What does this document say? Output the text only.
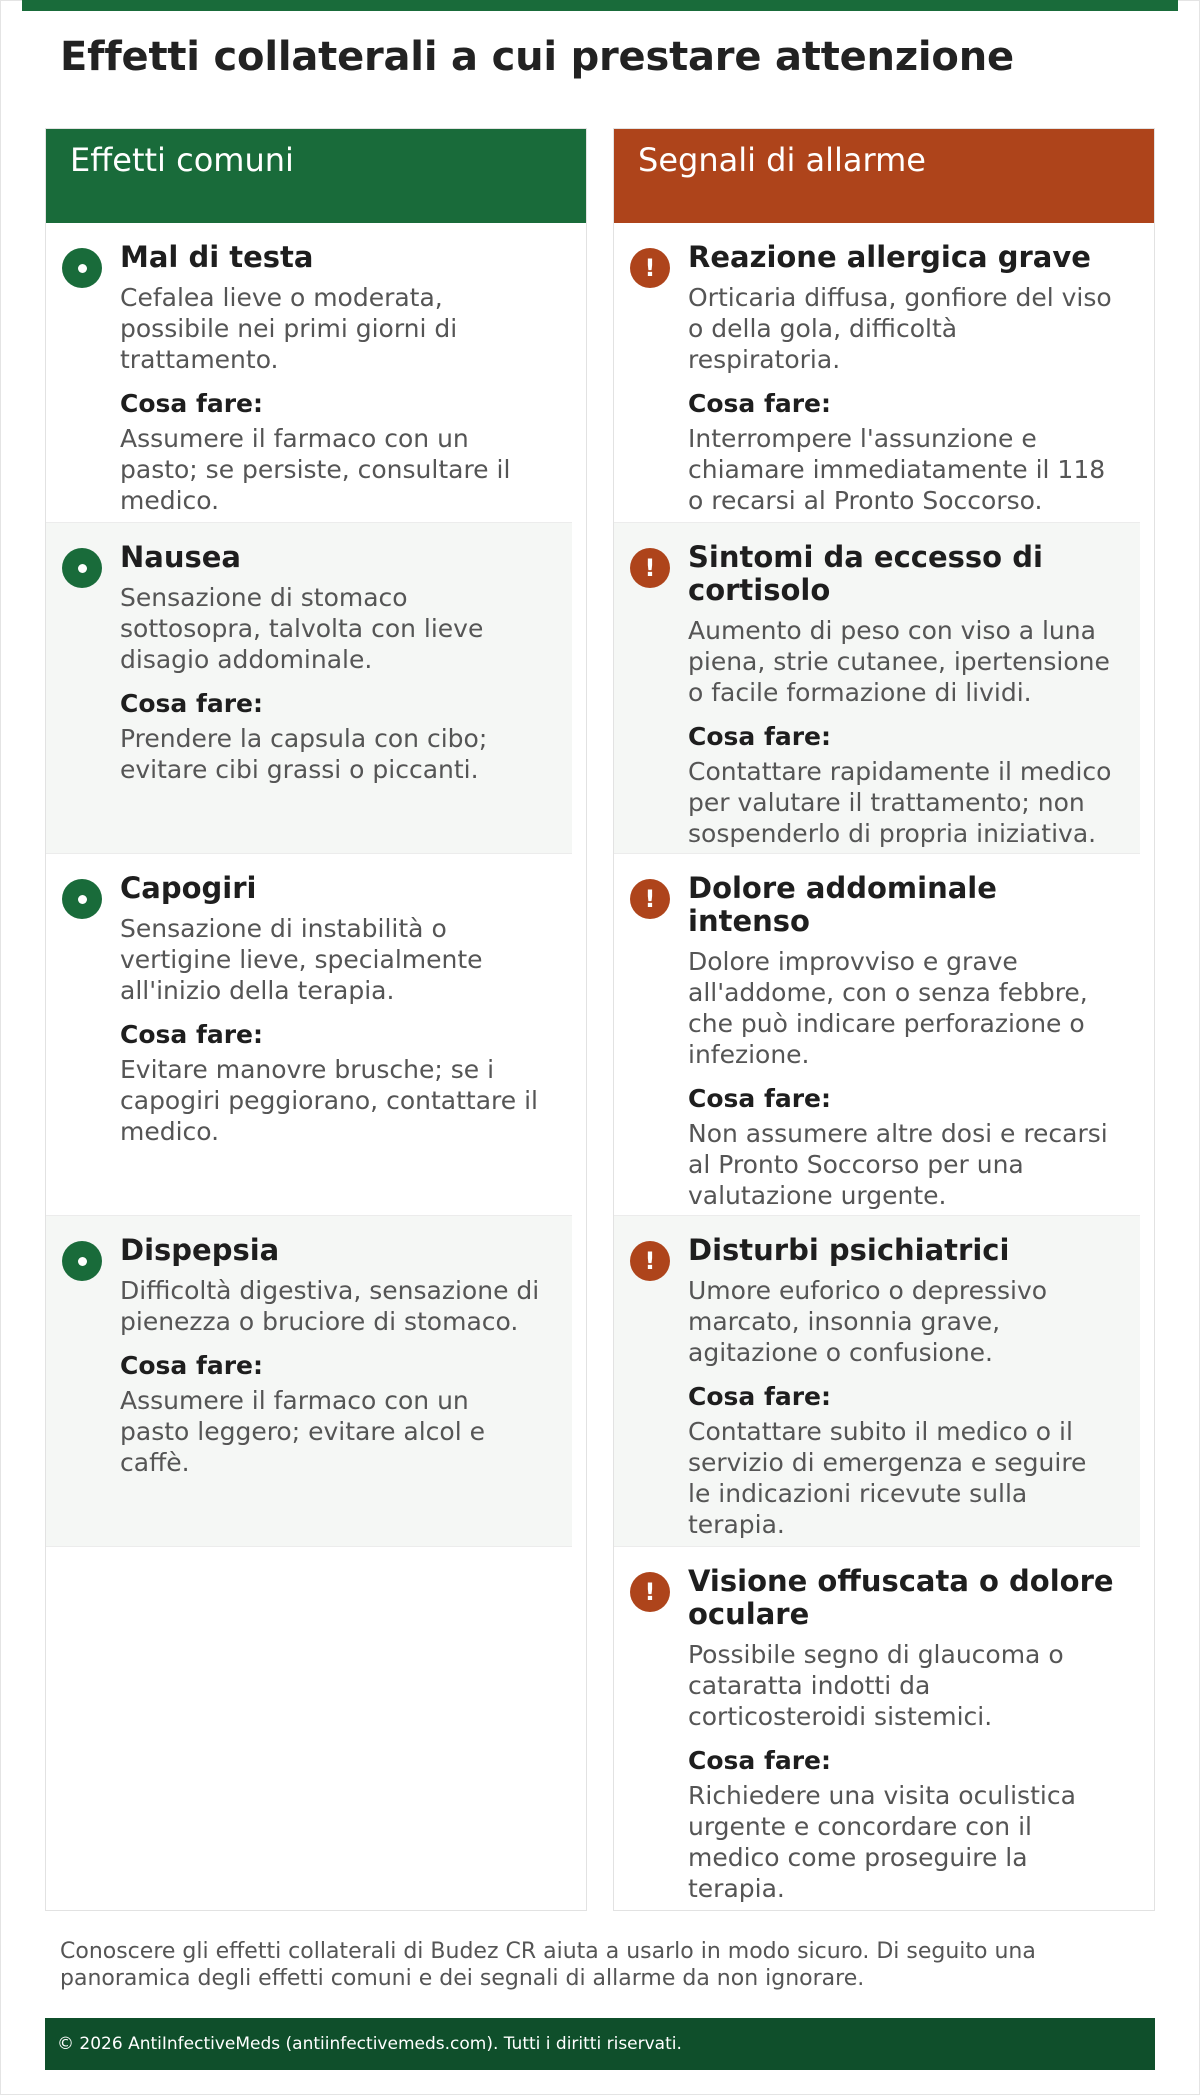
Effetti collaterali a cui prestare attenzione
Effetti comuni
Mal di testa

Cefalea lieve o moderata, possibile nei primi giorni di trattamento.

Cosa fare:

Assumere il farmaco con un pasto; se persiste, consultare il medico.

Nausea

Sensazione di stomaco sottosopra, talvolta con lieve disagio addominale.

Cosa fare:

Prendere la capsula con cibo; evitare cibi grassi o piccanti.

Capogiri

Sensazione di instabilità o vertigine lieve, specialmente all'inizio della terapia.

Cosa fare:

Evitare manovre brusche; se i capogiri peggiorano, contattare il medico.

Dispepsia

Difficoltà digestiva, sensazione di pienezza o bruciore di stomaco.

Cosa fare:

Assumere il farmaco con un pasto leggero; evitare alcol e caffè.

Segnali di allarme
!	Reazione allergica grave

Orticaria diffusa, gonfiore del viso o della gola, difficoltà respiratoria.

Cosa fare:

Interrompere l'assunzione e chiamare immediatamente il 118 o recarsi al Pronto Soccorso.

!	Sintomi da eccesso di cortisolo

Aumento di peso con viso a luna piena, strie cutanee, ipertensione o facile formazione di lividi.

Cosa fare:

Contattare rapidamente il medico per valutare il trattamento; non sospenderlo di propria iniziativa.

!	Dolore addominale intenso

Dolore improvviso e grave all'addome, con o senza febbre, che può indicare perforazione o infezione.

Cosa fare:

Non assumere altre dosi e recarsi al Pronto Soccorso per una valutazione urgente.

!	Disturbi psichiatrici

Umore euforico o depressivo marcato, insonnia grave, agitazione o confusione.

Cosa fare:

Contattare subito il medico o il servizio di emergenza e seguire le indicazioni ricevute sulla terapia.

!	Visione offuscata o dolore oculare

Possibile segno di glaucoma o cataratta indotti da corticosteroidi sistemici.

Cosa fare:

Richiedere una visita oculistica urgente e concordare con il medico come proseguire la terapia.

Conoscere gli effetti collaterali di Budez CR aiuta a usarlo in modo sicuro. Di seguito una panoramica degli effetti comuni e dei segnali di allarme da non ignorare.

© 2026 AntiInfectiveMeds (antiinfectivemeds.com). Tutti i diritti riservati.
